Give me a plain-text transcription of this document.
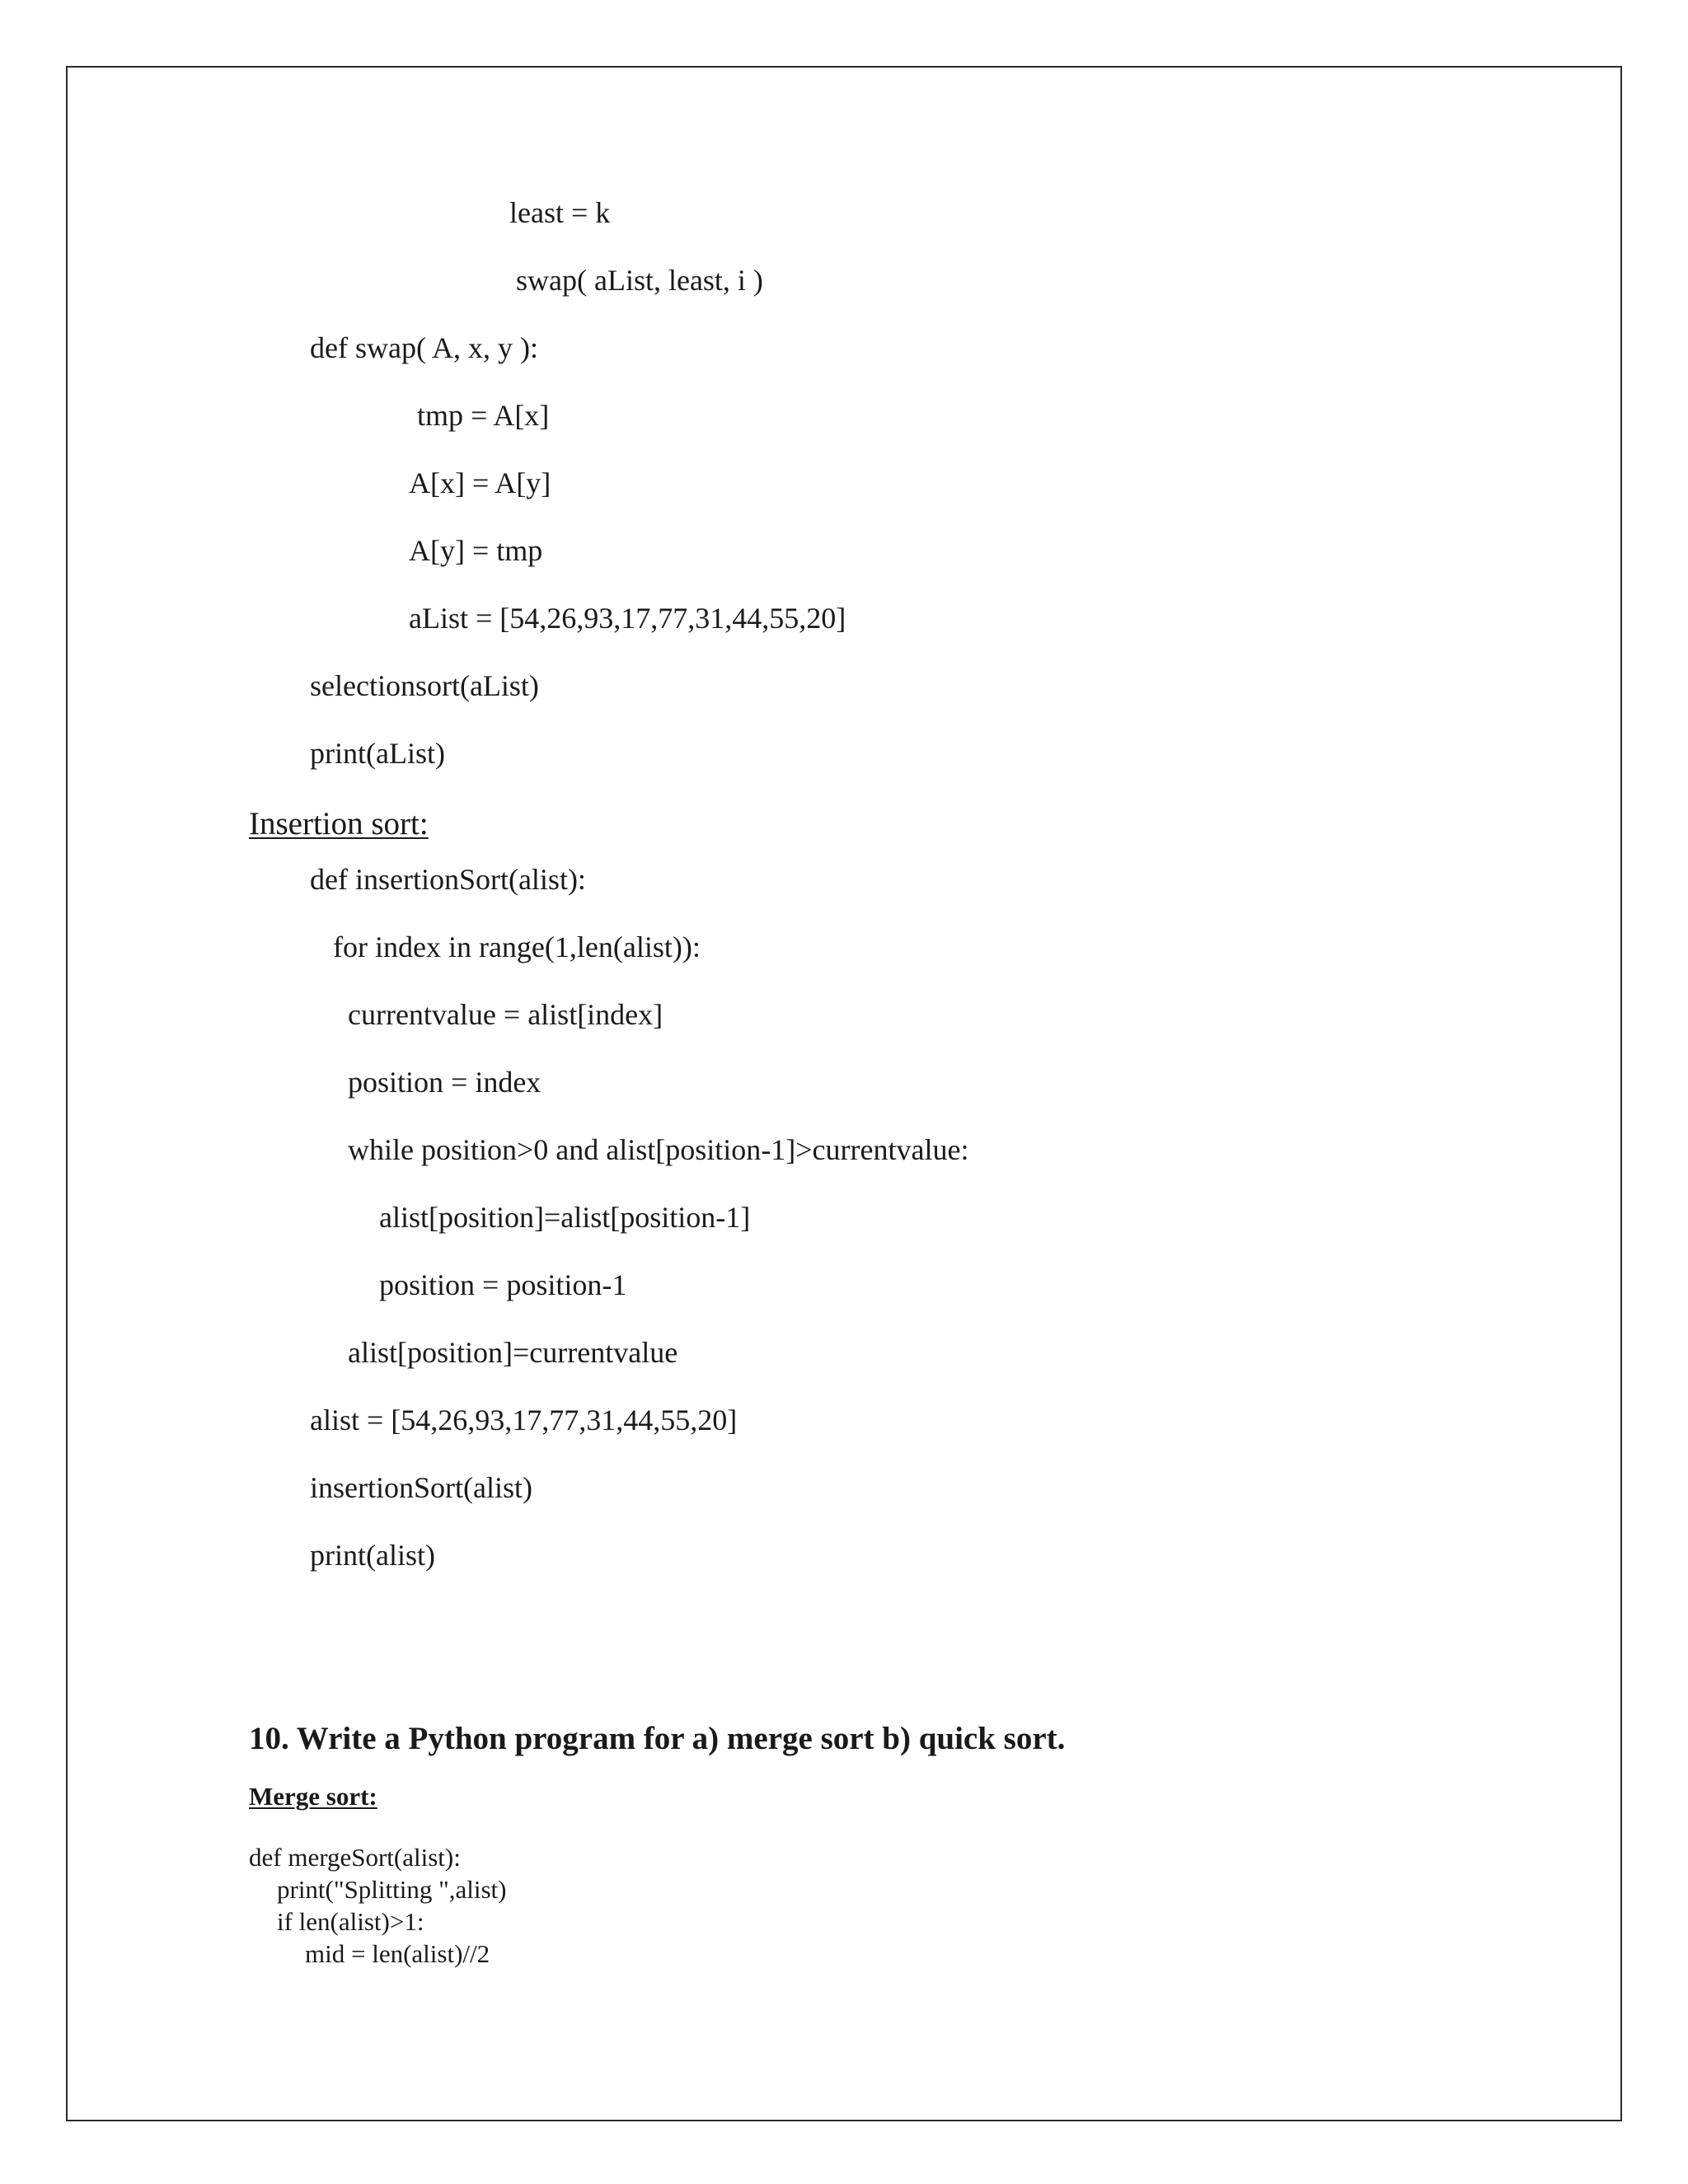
least = k
swap( aList, least, i )
def swap( A, x, y ):
tmp = A[x]
A[x] = A[y]
A[y] = tmp
aList = [54,26,93,17,77,31,44,55,20]
selectionsort(aList)
print(aList)
Insertion sort:
def insertionSort(alist):
for index in range(1,len(alist)):
currentvalue = alist[index]
position = index
while position>0 and alist[position-1]>currentvalue:
alist[position]=alist[position-1]
position = position-1
alist[position]=currentvalue
alist = [54,26,93,17,77,31,44,55,20]
insertionSort(alist)
print(alist)
10. Write a Python program for a) merge sort b) quick sort.
Merge sort:
def mergeSort(alist):
print("Splitting ",alist)
if len(alist)>1:
mid = len(alist)//2
